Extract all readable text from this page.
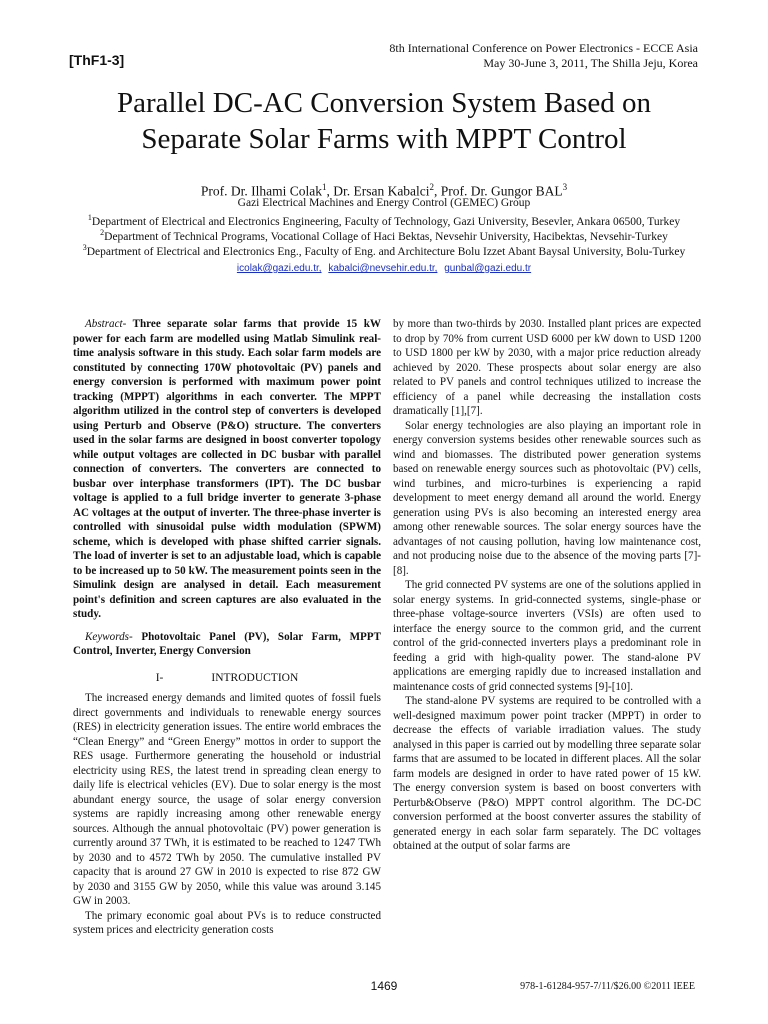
[ThF1-3]
8th International Conference on Power Electronics - ECCE Asia
May 30-June 3, 2011, The Shilla Jeju, Korea
Parallel DC-AC Conversion System Based on
Separate Solar Farms with MPPT Control
Prof. Dr. Ilhami Colak$^1$, Dr. Ersan Kabalci$^2$, Prof. Dr. Gungor BAL$^3$
Gazi Electrical Machines and Energy Control (GEMEC) Group
$^1$Department of Electrical and Electronics Engineering, Faculty of Technology, Gazi University, Besevler, Ankara 06500, Turkey
$^2$Department of Technical Programs, Vocational Collage of Haci Bektas, Nevsehir University, Hacibektas, Nevsehir-Turkey
$^3$Department of Electrical and Electronics Eng., Faculty of Eng. and Architecture Bolu Izzet Abant Baysal University, Bolu-Turkey
icolak@gazi.edu.tr, kabalci@nevsehir.edu.tr, gunbal@gazi.edu.tr

Abstract- Three separate solar farms that provide 15 kW power for each farm are modelled using Matlab Simulink real-time analysis software in this study. Each solar farm models are constituted by connecting 170W photovoltaic (PV) panels and energy conversion is performed with maximum power point tracking (MPPT) algorithms in each converter. The MPPT algorithm utilized in the control step of converters is developed using Perturb and Observe (P&O) structure. The converters used in the solar farms are designed in boost converter topology while output voltages are collected in DC busbar with parallel connection of converters. The converters are connected to busbar over interphase transformers (IPT). The DC busbar voltage is applied to a full bridge inverter to generate 3-phase AC voltages at the output of inverter. The three-phase inverter is controlled with sinusoidal pulse width modulation (SPWM) scheme, which is developed with phase shifted carrier signals. The load of inverter is set to an adjustable load, which is capable to be increased up to 50 kW. The measurement points seen in the Simulink design are analysed in detail. Each measurement point's definition and screen captures are also evaluated in the study.

Keywords- Photovoltaic Panel (PV), Solar Farm, MPPT Control, Inverter, Energy Conversion

I-	INTRODUCTION

The increased energy demands and limited quotes of fossil fuels direct governments and individuals to renewable energy sources (RES) in electricity generation issues. The entire world embraces the “Clean Energy” and “Green Energy” mottos in order to support the RES usage. Furthermore generating the household or industrial electricity using RES, the latest trend in spreading clean energy to daily life is electrical vehicles (EV). Due to solar energy is the most abundant energy source, the usage of solar energy conversion systems are rapidly increasing among other renewable energy sources. Although the annual photovoltaic (PV) power generation is currently around 37 TWh, it is estimated to be reached to 1247 TWh by 2030 and to 4572 TWh by 2050. The cumulative installed PV capacity that is around 27 GW in 2010 is expected to rise 872 GW by 2030 and 3155 GW by 2050, while this value was around 3.145 GW in 2003.

The primary economic goal about PVs is to reduce constructed system prices and electricity generation costs

by more than two-thirds by 2030. Installed plant prices are expected to drop by 70% from current USD 6000 per kW down to USD 1200 to USD 1800 per kW by 2030, with a major price reduction already achieved by 2020. These prospects about solar energy are also related to PV panels and control techniques utilized to increase the efficiency of a panel while decreasing the installation costs dramatically [1],[7].

Solar energy technologies are also playing an important role in energy conversion systems besides other renewable sources such as wind and biomasses. The distributed power generation systems based on renewable energy sources such as photovoltaic (PV) cells, wind turbines, and micro-turbines is experiencing a rapid development to meet energy demand all around the world. Energy generation using PVs is also becoming an interested energy area among other renewable sources. The solar energy sources have the advantages of not causing pollution, having low maintenance cost, and not producing noise due to the absence of the moving parts [7]-[8].

The grid connected PV systems are one of the solutions applied in solar energy systems. In grid-connected systems, single-phase or three-phase voltage-source inverters (VSIs) are often used to interface the energy source to the common grid, and the current control of the grid-connected inverters plays a predominant role in feeding a grid with high-quality power. The stand-alone PV applications are emerging rapidly due to increased installation and maintenance costs of grid connected systems [9]-[10].

The stand-alone PV systems are required to be controlled with a well-designed maximum power point tracker (MPPT) in order to decrease the effects of variable irradiation values. The study analysed in this paper is carried out by modelling three separate solar farms that are assumed to be located in different places. All the solar farm models are designed in order to have rated power of 15 kW. The energy conversion system is based on boost converters with Perturb&Observe (P&O) MPPT control algorithm. The DC-DC conversion performed at the boost converter assures the stability of generated energy in each solar farm separately. The DC voltages obtained at the output of solar farms are

1469	978-1-61284-957-7/11/$26.00 ©2011 IEEE
